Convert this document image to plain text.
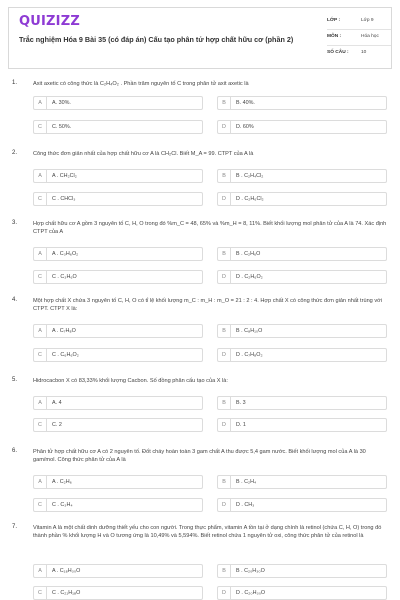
QUIZIZZ
Trắc nghiệm Hóa 9 Bài 35 (có đáp án) Cấu tạo phân tử hợp chất hữu cơ (phần 2)
LỚP :	Lớp 9
MÔN :	Hóa học
SỐ CÂU :	10
1.	Axit axetic có công thức là C₂H₄O₂ . Phần trăm nguyên tố C trong phân tử axit axetic là
A	A. 30%.	B	B. 40%.
C	C. 50%.	D	D. 60%
2.	Công thức đơn giản nhất của hợp chất hữu cơ A là CH₂Cl. Biết M_A = 99. CTPT của A là
A	A . CH₂Cl₂	B	B . C₂H₄Cl₂
C	C . CHCl₃	D	D . C₂H₆Cl₂
3.	Hợp chất hữu cơ A gồm 3 nguyên tố C, H, O trong đó %m_C = 48, 65% và %m_H = 8, 11%. Biết khối lượng mol phân tử của A là 74. Xác định CTPT của A
A	A . C₃H₆O₂	B	B . C₂H₆O
C	C . C₃H₆O	D	D . C₂H₆O₂
4.	Một hợp chất X chứa 3 nguyên tố C, H, O có tỉ lệ khối lượng m_C : m_H : m_O = 21 : 2 : 4. Hợp chất X có công thức đơn giản nhất trùng với CTPT. CTPT X là:
A	A . C₇H₈O	B	B . C₈H₁₀O
C	C . C₆H₆O₂	D	D . C₇H₈O₂
5.	Hidrocacbon X có 83,33% khối lượng Cacbon. Số đồng phân cấu tạo của X là:
A	A. 4	B	B. 3
C	C. 2	D	D. 1
6.	Phân tử hợp chất hữu cơ A có 2 nguyên tố. Đốt cháy hoàn toàn 3 gam chất A thu được 5,4 gam nước. Biết khối lượng mol của A là 30 gam/mol. Công thức phân tử của A là
A	A . C₂H₆	B	B . C₂H₄
C	C . C₃H₄	D	D . CH₃
7.	Vitamin A là một chất dinh dưỡng thiết yếu cho con người. Trong thực phẩm, vitamin A tồn tại ở dạng chính là retinol (chứa C, H, O) trong đó thành phần % khối lượng H và O tương ứng là 10,49% và 5,594%. Biết retinol chứa 1 nguyên tử oxi, công thức phân tử của retinol là
A	A . C₁₈H₃₀O	B	B . C₂₀H₃₀O
C	C . C₂₁H₁₈O	D	D . C₂₀H₃₀O
